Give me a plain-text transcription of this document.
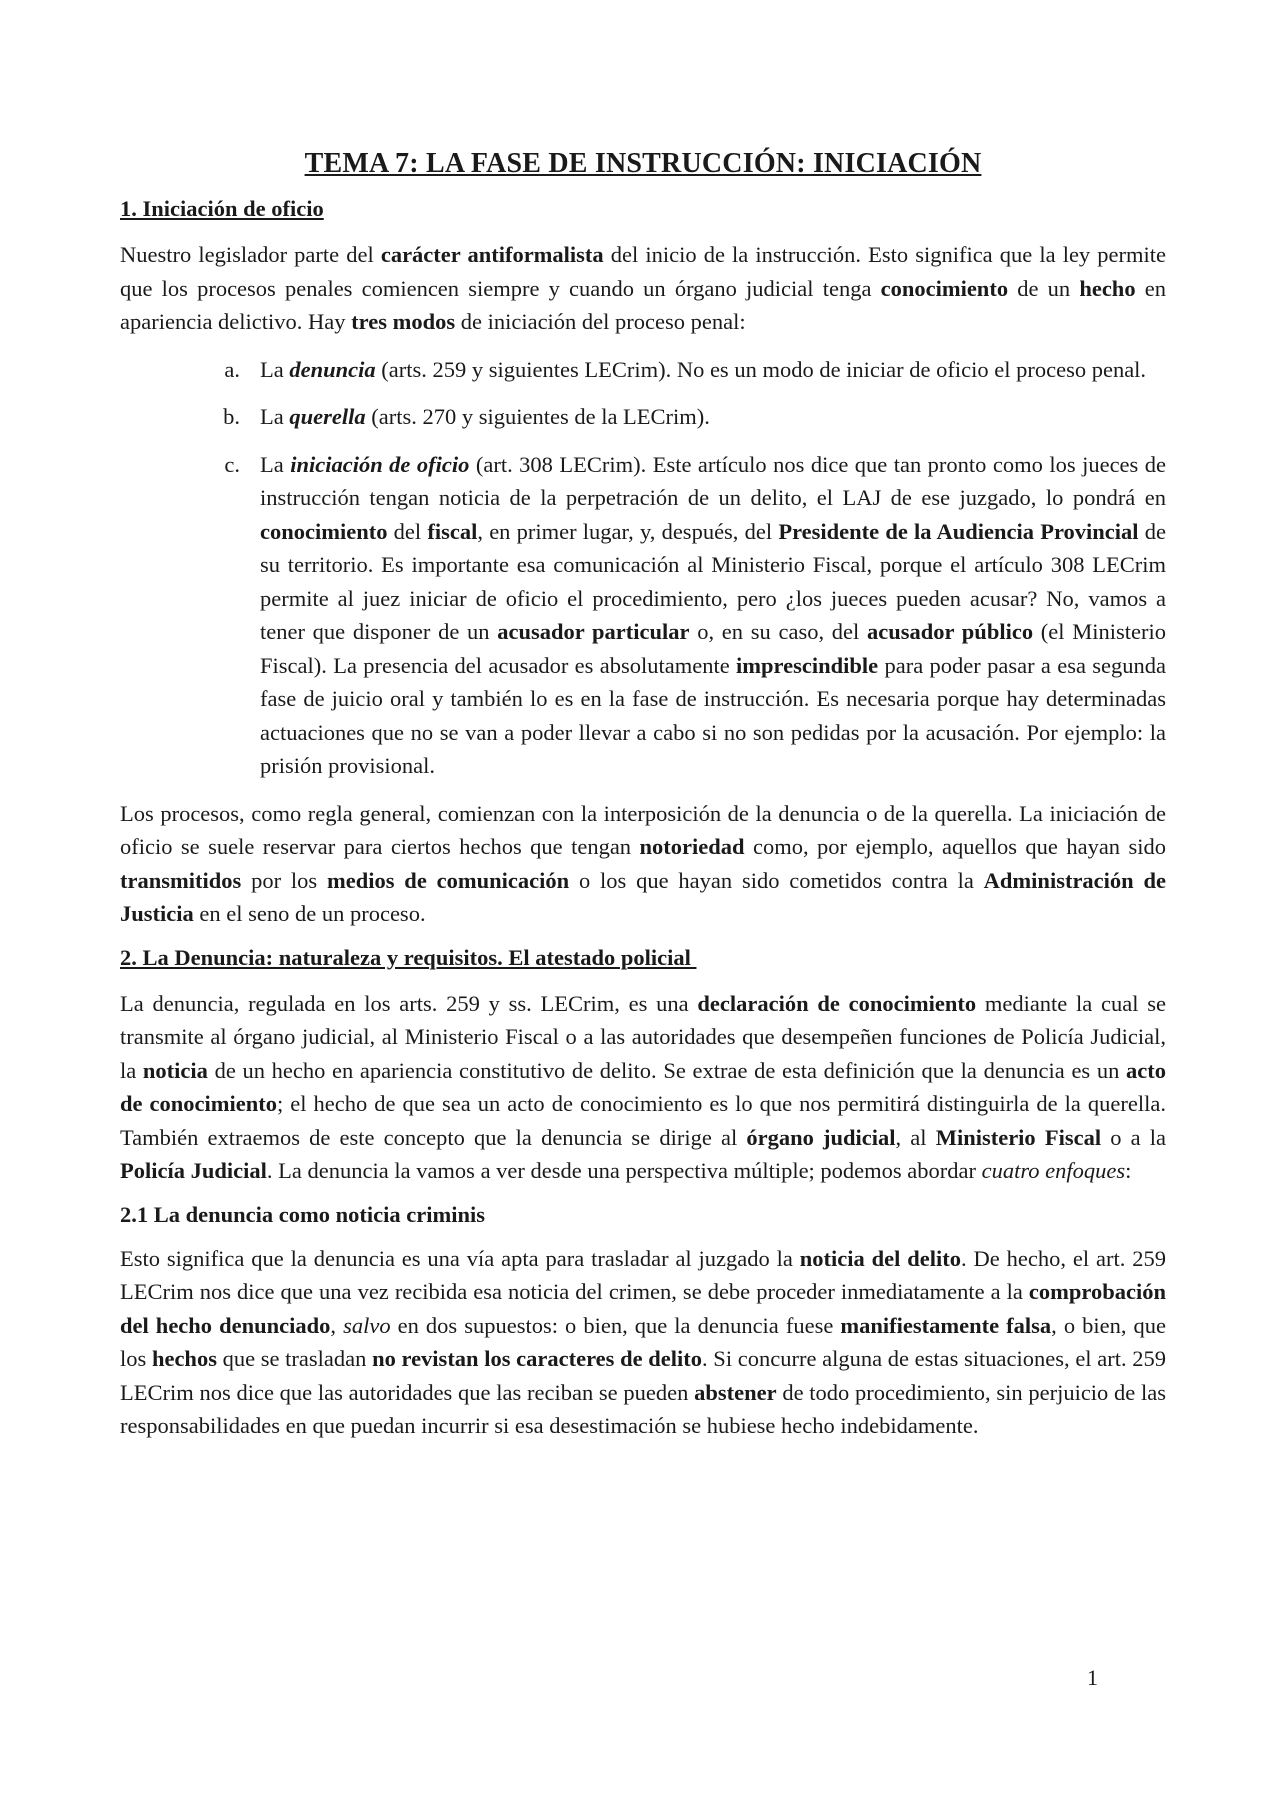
TEMA 7: LA FASE DE INSTRUCCIÓN: INICIACIÓN
1. Iniciación de oficio
Nuestro legislador parte del carácter antiformalista del inicio de la instrucción. Esto significa que la ley permite que los procesos penales comiencen siempre y cuando un órgano judicial tenga conocimiento de un hecho en apariencia delictivo. Hay tres modos de iniciación del proceso penal:
a. La denuncia (arts. 259 y siguientes LECrim). No es un modo de iniciar de oficio el proceso penal.
b. La querella (arts. 270 y siguientes de la LECrim).
c. La iniciación de oficio (art. 308 LECrim). Este artículo nos dice que tan pronto como los jueces de instrucción tengan noticia de la perpetración de un delito, el LAJ de ese juzgado, lo pondrá en conocimiento del fiscal, en primer lugar, y, después, del Presidente de la Audiencia Provincial de su territorio. Es importante esa comunicación al Ministerio Fiscal, porque el artículo 308 LECrim permite al juez iniciar de oficio el procedimiento, pero ¿los jueces pueden acusar? No, vamos a tener que disponer de un acusador particular o, en su caso, del acusador público (el Ministerio Fiscal). La presencia del acusador es absolutamente imprescindible para poder pasar a esa segunda fase de juicio oral y también lo es en la fase de instrucción. Es necesaria porque hay determinadas actuaciones que no se van a poder llevar a cabo si no son pedidas por la acusación. Por ejemplo: la prisión provisional.
Los procesos, como regla general, comienzan con la interposición de la denuncia o de la querella. La iniciación de oficio se suele reservar para ciertos hechos que tengan notoriedad como, por ejemplo, aquellos que hayan sido transmitidos por los medios de comunicación o los que hayan sido cometidos contra la Administración de Justicia en el seno de un proceso.
2. La Denuncia: naturaleza y requisitos. El atestado policial
La denuncia, regulada en los arts. 259 y ss. LECrim, es una declaración de conocimiento mediante la cual se transmite al órgano judicial, al Ministerio Fiscal o a las autoridades que desempeñen funciones de Policía Judicial, la noticia de un hecho en apariencia constitutivo de delito. Se extrae de esta definición que la denuncia es un acto de conocimiento; el hecho de que sea un acto de conocimiento es lo que nos permitirá distinguirla de la querella. También extraemos de este concepto que la denuncia se dirige al órgano judicial, al Ministerio Fiscal o a la Policía Judicial. La denuncia la vamos a ver desde una perspectiva múltiple; podemos abordar cuatro enfoques:
2.1 La denuncia como noticia criminis
Esto significa que la denuncia es una vía apta para trasladar al juzgado la noticia del delito. De hecho, el art. 259 LECrim nos dice que una vez recibida esa noticia del crimen, se debe proceder inmediatamente a la comprobación del hecho denunciado, salvo en dos supuestos: o bien, que la denuncia fuese manifiestamente falsa, o bien, que los hechos que se trasladan no revistan los caracteres de delito. Si concurre alguna de estas situaciones, el art. 259 LECrim nos dice que las autoridades que las reciban se pueden abstener de todo procedimiento, sin perjuicio de las responsabilidades en que puedan incurrir si esa desestimación se hubiese hecho indebidamente.
1
